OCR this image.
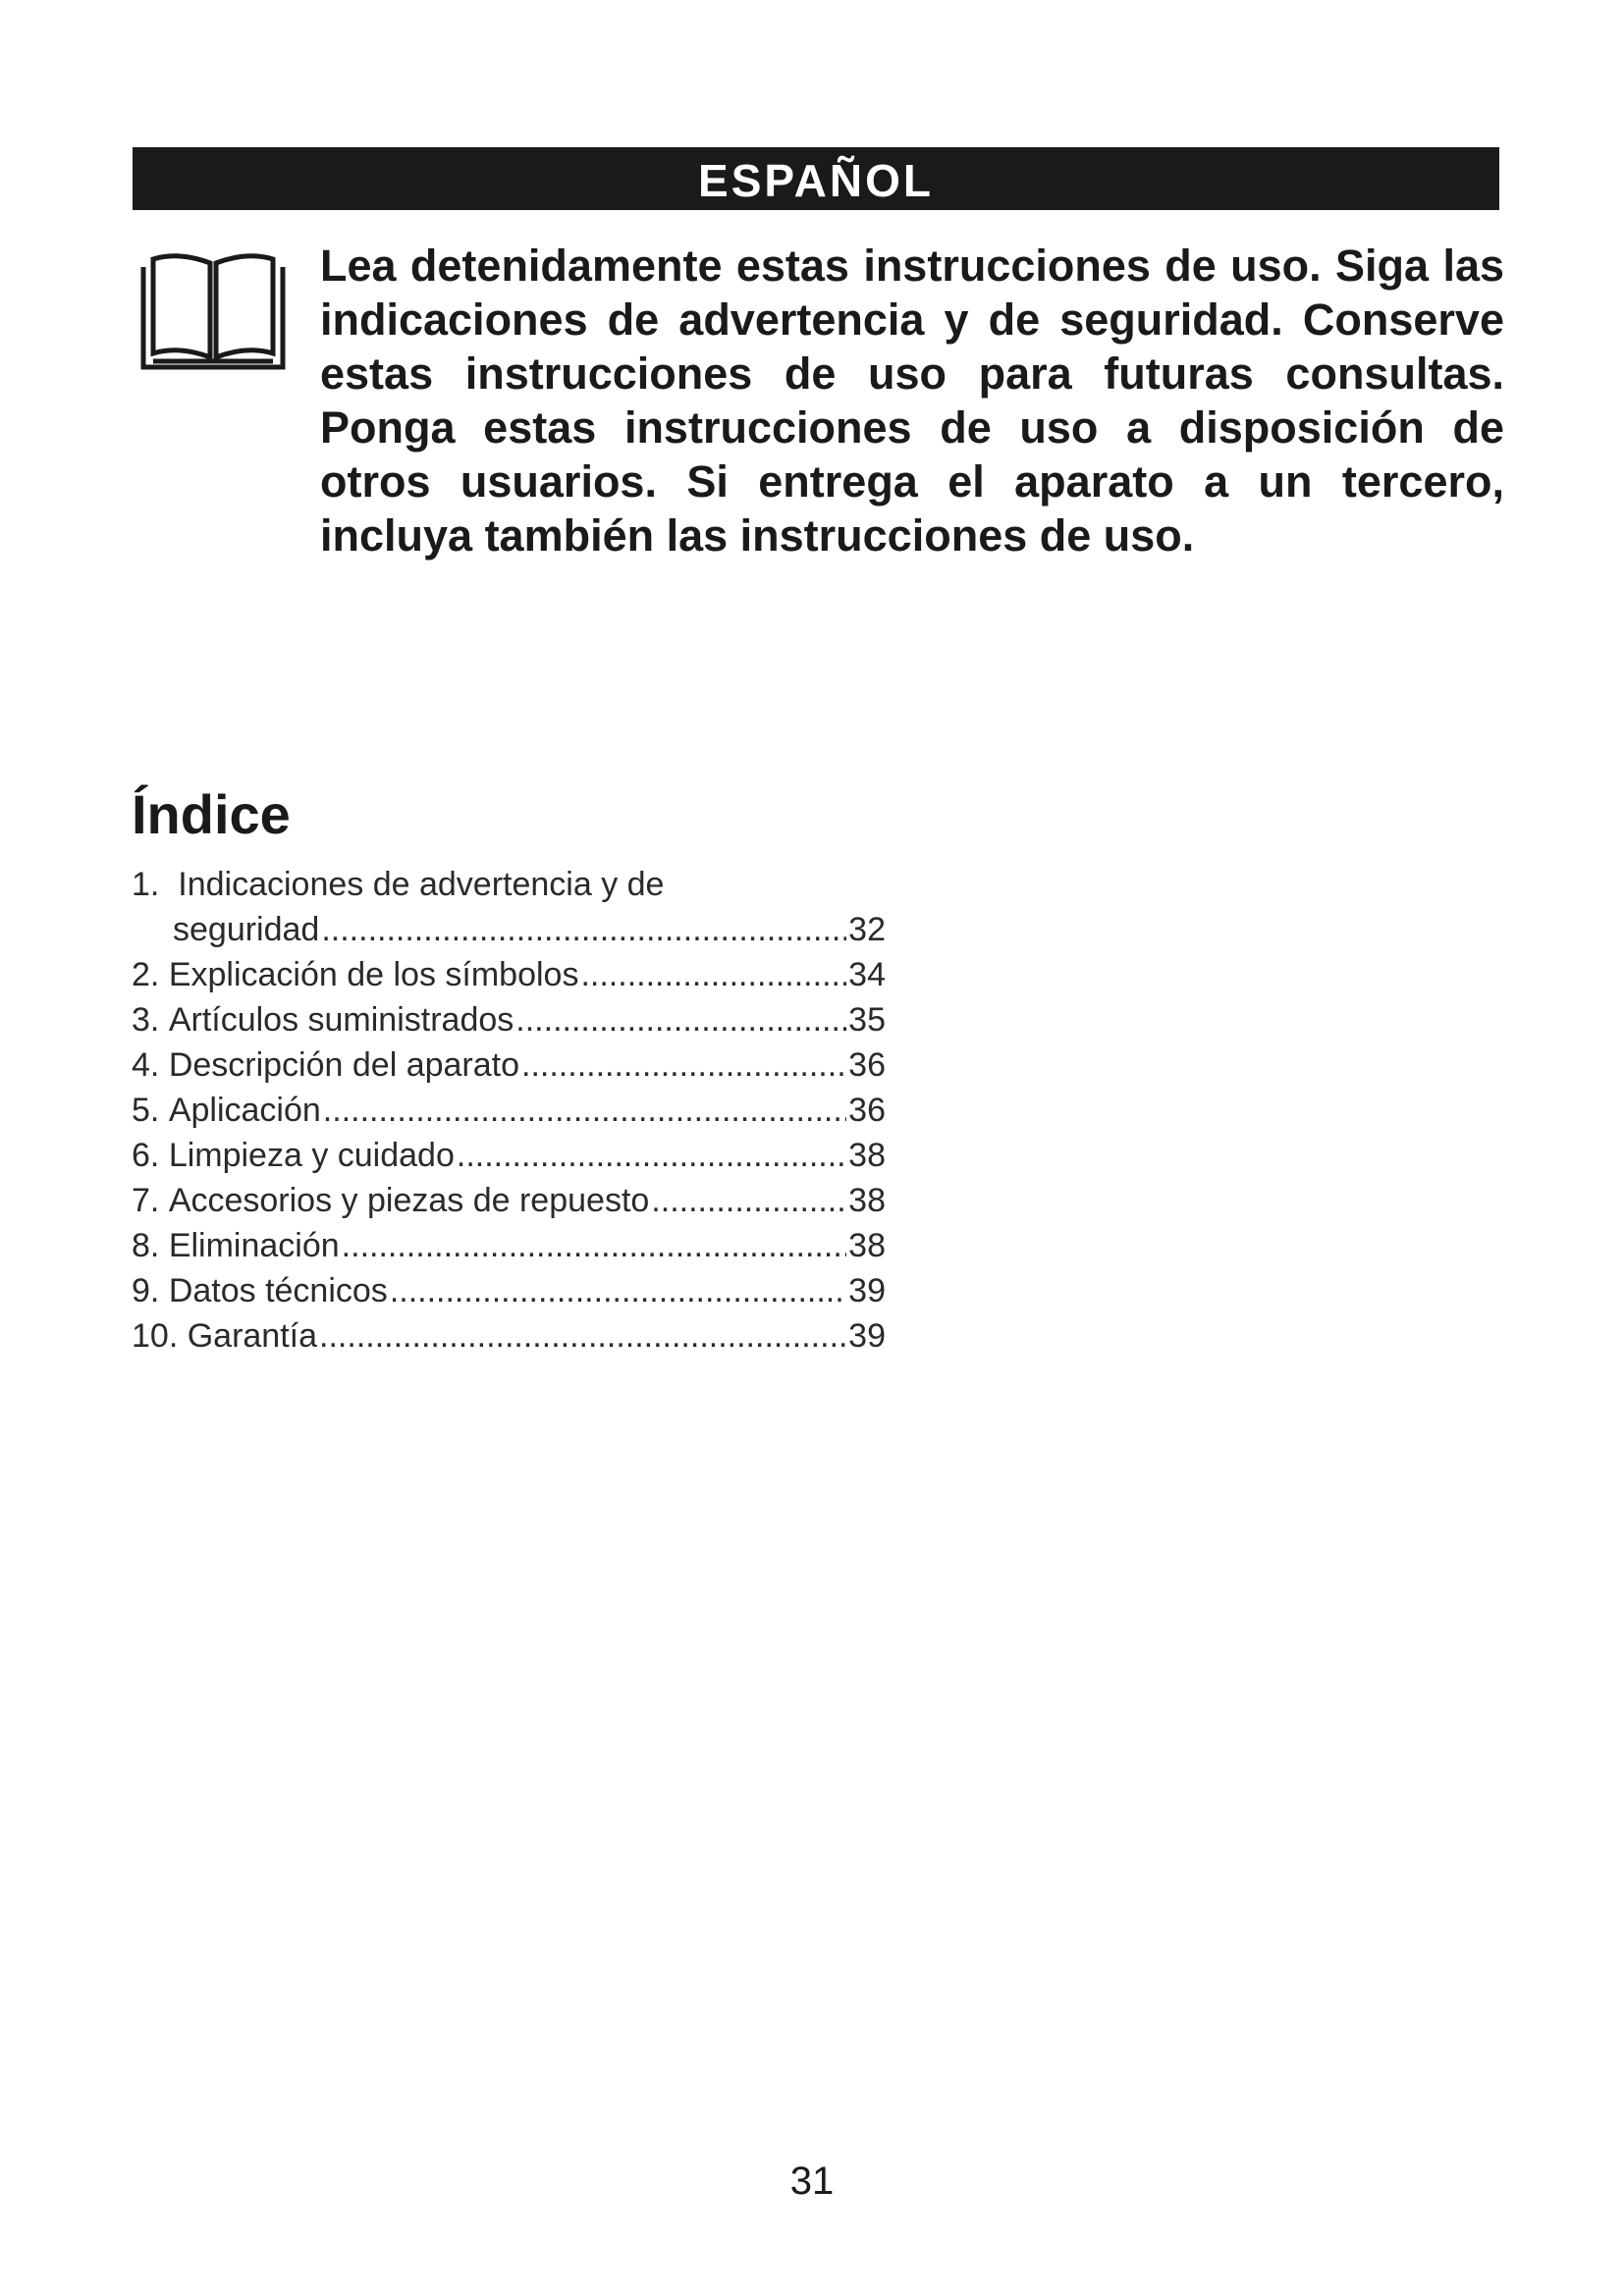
ESPAÑOL

Lea detenidamente estas instrucciones de uso. Siga las indicaciones de advertencia y de seguridad. Conserve estas instrucciones de uso para futuras consultas. Ponga estas instrucciones de uso a disposición de otros usuarios. Si entrega el aparato a un tercero, incluya también las instrucciones de uso.

Índice
1. Indicaciones de advertencia y de
seguridad .....	32
2. Explicación de los símbolos .....	34
3. Artículos suministrados .....	35
4. Descripción del aparato .....	36
5. Aplicación .....	36
6. Limpieza y cuidado .....	38
7. Accesorios y piezas de repuesto .....	38
8. Eliminación .....	38
9. Datos técnicos .....	39
10. Garantía .....	39
31
